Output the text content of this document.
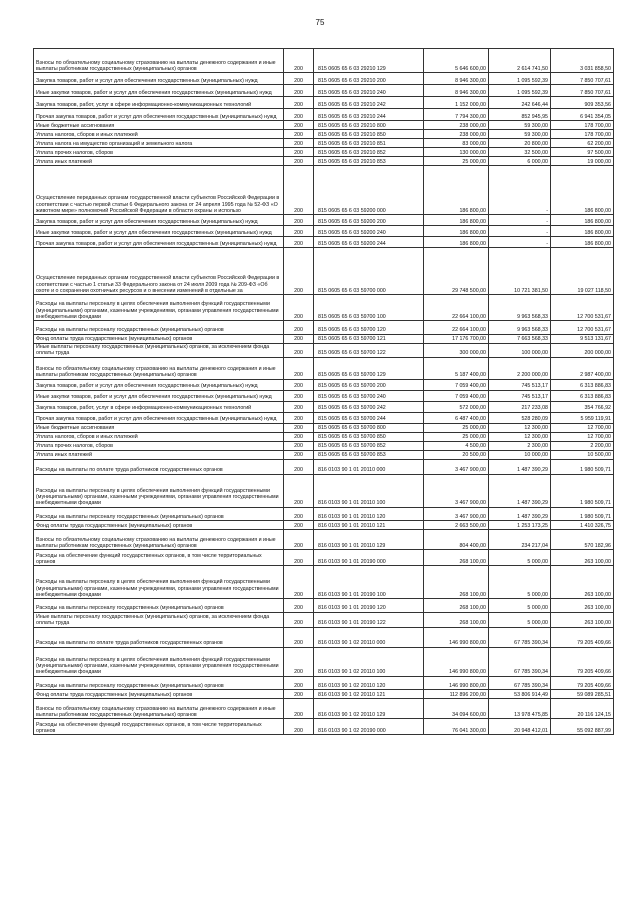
75
Взносы по обязательному социальному страхованию на выплаты денежного содержания и иные выплаты работникам государственных (муниципальных) органов	200	815 0605 65 6 03 29210 129	5 646 600,00	2 614 741,50	3 031 858,50

Закупка товаров, работ и услуг для обеспечения государственных (муниципальных) нужд	200	815 0605 65 6 03 29210 200	8 946 300,00	1 095 592,39	7 850 707,61

Иные закупки товаров, работ и услуг для обеспечения государственных (муниципальных) нужд	200	815 0605 65 6 03 29210 240	8 946 300,00	1 095 592,39	7 850 707,61

Закупка товаров, работ, услуг в сфере информационно-коммуникационных технологий	200	815 0605 65 6 03 29210 242	1 152 000,00	242 646,44	909 353,56

Прочая закупка товаров, работ и услуг для обеспечения государственных (муниципальных) нужд	200	815 0605 65 6 03 29210 244	7 794 300,00	852 945,95	6 941 354,05

Иные бюджетные ассигнования	200	815 0605 65 6 03 29210 800	238 000,00	59 300,00	178 700,00

Уплата налогов, сборов и иных платежей	200	815 0605 65 6 03 29210 850	238 000,00	59 300,00	178 700,00

Уплата налога на имущество организаций и земельного налога	200	815 0605 65 6 03 29210 851	83 000,00	20 800,00	62 200,00

Уплата прочих налогов, сборов	200	815 0605 65 6 03 29210 852	130 000,00	32 500,00	97 500,00

Уплата иных платежей	200	815 0605 65 6 03 29210 853	25 000,00	6 000,00	19 000,00

Осуществление переданных органам государственной власти субъектов Российской Федерации в соответствии с частью первой статьи 6 Федерального закона от 24 апреля 1995 года № 52-ФЗ «О животном мире» полномочий Российской Федерации в области охраны и использо	200	815 0605 65 6 03 59200 000	186 800,00	-	186 800,00

Закупка товаров, работ и услуг для обеспечения государственных (муниципальных) нужд	200	815 0605 65 6 03 59200 200	186 800,00	-	186 800,00

Иные закупки товаров, работ и услуг для обеспечения государственных (муниципальных) нужд	200	815 0605 65 6 03 59200 240	186 800,00	-	186 800,00

Прочая закупка товаров, работ и услуг для обеспечения государственных (муниципальных) нужд	200	815 0605 65 6 03 59200 244	186 800,00	-	186 800,00

Осуществление переданных органам государственной власти субъектов Российской Федерации в соответствии с частью 1 статьи 33 Федерального закона от 24 июля 2009 года № 209-ФЗ «Об охоте и о сохранении охотничьих ресурсов и о внесении изменений в отдельные за	200	815 0605 65 6 03 59700 000	29 748 500,00	10 721 381,50	19 027 118,50

Расходы на выплаты персоналу в целях обеспечения выполнения функций государственными (муниципальными) органами, казенными учреждениями, органами управления государственными внебюджетными фондами	200	815 0605 65 6 03 59700 100	22 664 100,00	9 963 568,33	12 700 531,67

Расходы на выплаты персоналу государственных (муниципальных) органов	200	815 0605 65 6 03 59700 120	22 664 100,00	9 963 568,33	12 700 531,67

Фонд оплаты труда государственных (муниципальных) органов	200	815 0605 65 6 03 59700 121	17 176 700,00	7 663 568,33	9 513 131,67

Иные выплаты персоналу государственных (муниципальных) органов, за исключением фонда оплаты труда	200	815 0605 65 6 03 59700 122	300 000,00	100 000,00	200 000,00

Взносы по обязательному социальному страхованию на выплаты денежного содержания и иные выплаты работникам государственных (муниципальных) органов	200	815 0605 65 6 03 59700 129	5 187 400,00	2 200 000,00	2 987 400,00

Закупка товаров, работ и услуг для обеспечения государственных (муниципальных) нужд	200	815 0605 65 6 03 59700 200	7 059 400,00	745 513,17	6 313 886,83

Иные закупки товаров, работ и услуг для обеспечения государственных (муниципальных) нужд	200	815 0605 65 6 03 59700 240	7 059 400,00	745 513,17	6 313 886,83

Закупка товаров, работ, услуг в сфере информационно-коммуникационных технологий	200	815 0605 65 6 03 59700 242	572 000,00	217 233,08	354 766,92

Прочая закупка товаров, работ и услуг для обеспечения государственных (муниципальных) нужд	200	815 0605 65 6 03 59700 244	6 487 400,00	528 280,09	5 959 119,91

Иные бюджетные ассигнования	200	815 0605 65 6 03 59700 800	25 000,00	12 300,00	12 700,00

Уплата налогов, сборов и иных платежей	200	815 0605 65 6 03 59700 850	25 000,00	12 300,00	12 700,00

Уплата прочих налогов, сборов	200	815 0605 65 6 03 59700 852	4 500,00	2 300,00	2 200,00

Уплата иных платежей	200	815 0605 65 6 03 59700 853	20 500,00	10 000,00	10 500,00

Расходы на выплаты по оплате труда работников государственных органов	200	816 0103 90 1 01 20110 000	3 467 900,00	1 487 390,29	1 980 509,71

Расходы на выплаты персоналу в целях обеспечения выполнения функций государственными (муниципальными) органами, казенными учреждениями, органами управления государственными внебюджетными фондами	200	816 0103 90 1 01 20110 100	3 467 900,00	1 487 390,29	1 980 509,71

Расходы на выплаты персоналу государственных (муниципальных) органов	200	816 0103 90 1 01 20110 120	3 467 900,00	1 487 390,29	1 980 509,71

Фонд оплаты труда государственных (муниципальных) органов	200	816 0103 90 1 01 20110 121	2 663 500,00	1 253 173,25	1 410 326,75

Взносы по обязательному социальному страхованию на выплаты денежного содержания и иные выплаты работникам государственных (муниципальных) органов	200	816 0103 90 1 01 20110 129	804 400,00	234 217,04	570 182,96

Расходы на обеспечение функций государственных органов, в том числе территориальных органов	200	816 0103 90 1 01 20190 000	268 100,00	5 000,00	263 100,00

Расходы на выплаты персоналу в целях обеспечения выполнения функций государственными (муниципальными) органами, казенными учреждениями, органами управления государственными внебюджетными фондами	200	816 0103 90 1 01 20190 100	268 100,00	5 000,00	263 100,00

Расходы на выплаты персоналу государственных (муниципальных) органов	200	816 0103 90 1 01 20190 120	268 100,00	5 000,00	263 100,00

Иные выплаты персоналу государственных (муниципальных) органов, за исключением фонда оплаты труда	200	816 0103 90 1 01 20190 122	268 100,00	5 000,00	263 100,00

Расходы на выплаты по оплате труда работников государственных органов	200	816 0103 90 1 02 20110 000	146 990 800,00	67 785 390,34	79 205 409,66

Расходы на выплаты персоналу в целях обеспечения выполнения функций государственными (муниципальными) органами, казенными учреждениями, органами управления государственными внебюджетными фондами	200	816 0103 90 1 02 20110 100	146 990 800,00	67 785 390,34	79 205 409,66

Расходы на выплаты персоналу государственных (муниципальных) органов	200	816 0103 90 1 02 20110 120	146 990 800,00	67 785 390,34	79 205 409,66

Фонд оплаты труда государственных (муниципальных) органов	200	816 0103 90 1 02 20110 121	112 896 200,00	53 806 914,49	59 089 285,51

Взносы по обязательному социальному страхованию на выплаты денежного содержания и иные выплаты работникам государственных (муниципальных) органов	200	816 0103 90 1 02 20110 129	34 094 600,00	13 978 475,85	20 116 124,15

Расходы на обеспечение функций государственных органов, в том числе территориальных органов	200	816 0103 90 1 02 20190 000	76 041 300,00	20 948 412,01	55 092 887,99
